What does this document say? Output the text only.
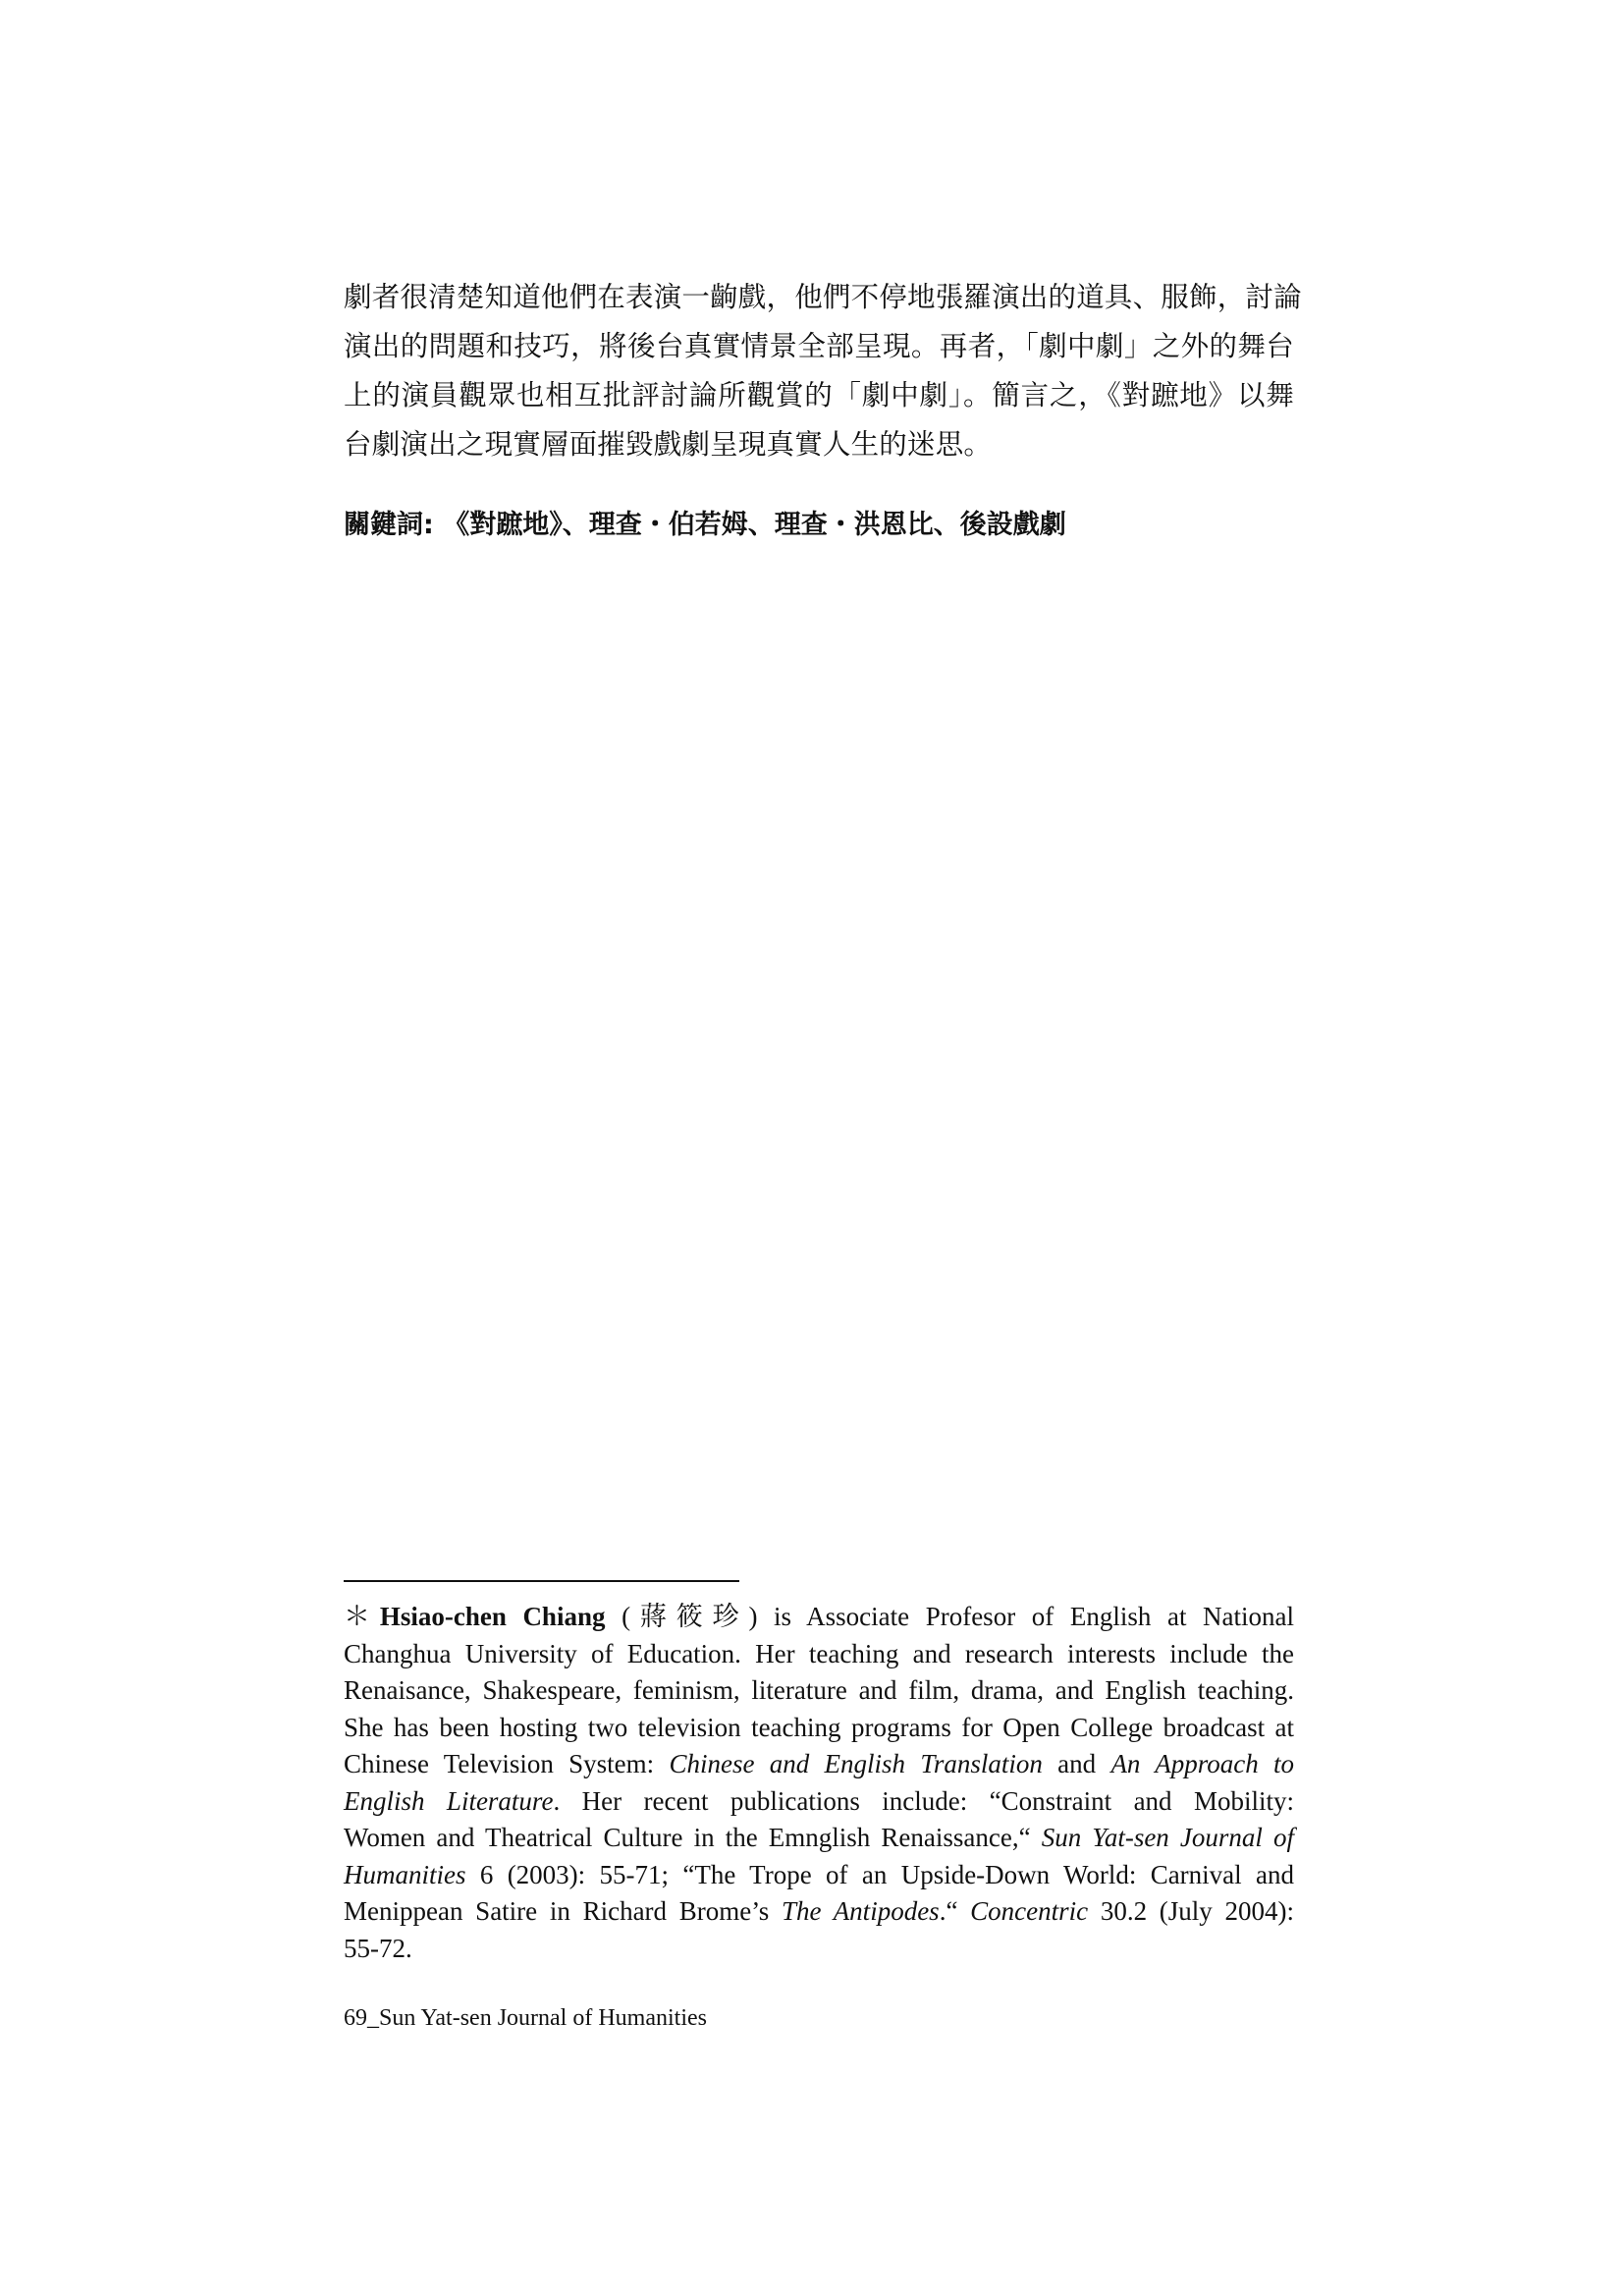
劇者很清楚知道他們在表演一齣戲，他們不停地張羅演出的道具、服飾，討論
演出的問題和技巧，將後台真實情景全部呈現。再者，「劇中劇」之外的舞台
上的演員觀眾也相互批評討論所觀賞的「劇中劇」。簡言之，《對蹠地》以舞
台劇演出之現實層面摧毀戲劇呈現真實人生的迷思。
關鍵詞: 《對蹠地》、理查・伯若姆、理查・洪恩比、後設戲劇
＊Hsiao-chen Chiang (蔣筱珍) is Associate Profesor of English at National
Changhua University of Education. Her teaching and research interests include the
Renaisance, Shakespeare, feminism, literature and film, drama, and English teaching.
She has been hosting two television teaching programs for Open College broadcast at
Chinese Television System: Chinese and English Translation and An Approach to
English Literature. Her recent publications include: “Constraint and Mobility:
Women and Theatrical Culture in the Emnglish Renaissance,“ Sun Yat-sen Journal of
Humanities 6 (2003): 55-71; “The Trope of an Upside-Down World: Carnival and
Menippean Satire in Richard Brome’s The Antipodes.“ Concentric 30.2 (July 2004):
55-72.
69_Sun Yat-sen Journal of Humanities
